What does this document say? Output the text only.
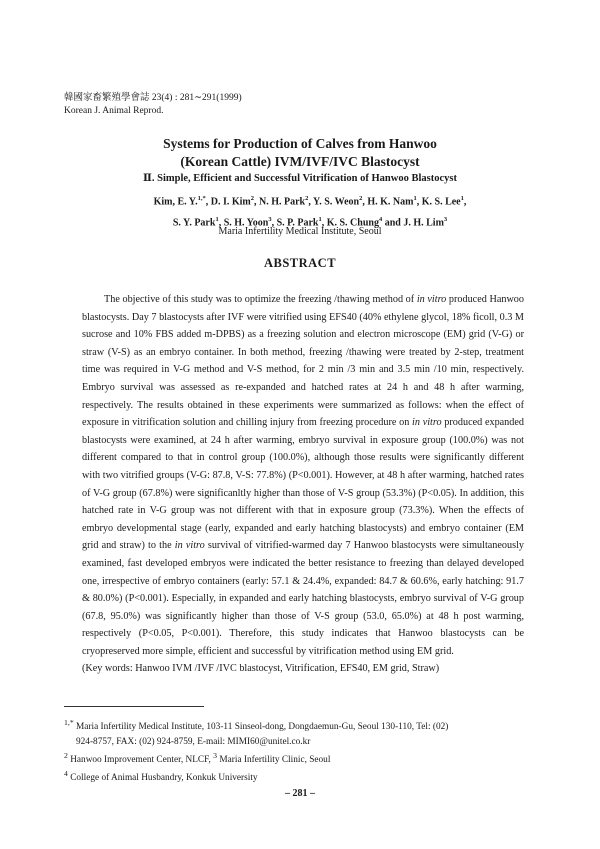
韓國家畜繁殖學會誌 23(4) : 281∼291(1999)
Korean J. Animal Reprod.
Systems for Production of Calves from Hanwoo
(Korean Cattle) IVM/IVF/IVC Blastocyst
Ⅱ. Simple, Efficient and Successful Vitrification of Hanwoo Blastocyst
Kim, E. Y.$^{1,*}$, D. I. Kim$^2$, N. H. Park$^2$, Y. S. Weon$^2$, H. K. Nam$^1$, K. S. Lee$^1$,
S. Y. Park$^1$, S. H. Yoon$^3$, S. P. Park$^1$, K. S. Chung$^4$ and J. H. Lim$^3$
Maria Infertility Medical Institute, Seoul
ABSTRACT

The objective of this study was to optimize the freezing /thawing method of in vitro produced Hanwoo blastocysts. Day 7 blastocysts after IVF were vitrified using EFS40 (40% ethylene glycol, 18% ficoll, 0.3 M sucrose and 10% FBS added m-DPBS) as a freezing solution and electron microscope (EM) grid (V-G) or straw (V-S) as an embryo container. In both method, freezing /thawing were treated by 2-step, treatment time was required in V-G method and V-S method, for 2 min /3 min and 3.5 min /10 min, respectively. Embryo survival was assessed as re-expanded and hatched rates at 24 h and 48 h after warming, respectively. The results obtained in these experiments were summarized as follows: when the effect of exposure in vitrification solution and chilling injury from freezing procedure on in vitro produced expanded blastocysts were examined, at 24 h after warming, embryo survival in exposure group (100.0%) was not different compared to that in control group (100.0%), although those results were significantly different with two vitrified groups (V-G: 87.8, V-S: 77.8%) (P<0.001). However, at 48 h after warming, hatched rates of V-G group (67.8%) were significanltly higher than those of V-S group (53.3%) (P<0.05). In addition, this hatched rate in V-G group was not different with that in exposure group (73.3%). When the effects of embryo developmental stage (early, expanded and early hatching blastocysts) and embryo container (EM grid and straw) to the in vitro survival of vitrified-warmed day 7 Hanwoo blastocysts were simultaneously examined, fast developed embryos were indicated the better resistance to freezing than delayed developed one, irrespective of embryo containers (early: 57.1 & 24.4%, expanded: 84.7 & 60.6%, early hatching: 91.7 & 80.0%) (P<0.001). Especially, in expanded and early hatching blastocysts, embryo survival of V-G group (67.8, 95.0%) was significantly higher than those of V-S group (53.0, 65.0%) at 48 h post warming, respectively (P<0.05, P<0.001). Therefore, this study indicates that Hanwoo blastocysts can be cryopreserved more simple, efficient and successful by vitrification method using EM grid.

(Key words: Hanwoo IVM /IVF /IVC blastocyst, Vitrification, EFS40, EM grid, Straw)

$^{1,*}$ Maria Infertility Medical Institute, 103-11 Sinseol-dong, Dongdaemun-Gu, Seoul 130-110, Tel: (02)
924-8757, FAX: (02) 924-8759, E-mail: MIMI60@unitel.co.kr
$^2$ Hanwoo Improvement Center, NLCF, $^3$ Maria Infertility Clinic, Seoul
$^4$ College of Animal Husbandry, Konkuk University
– 281 –
